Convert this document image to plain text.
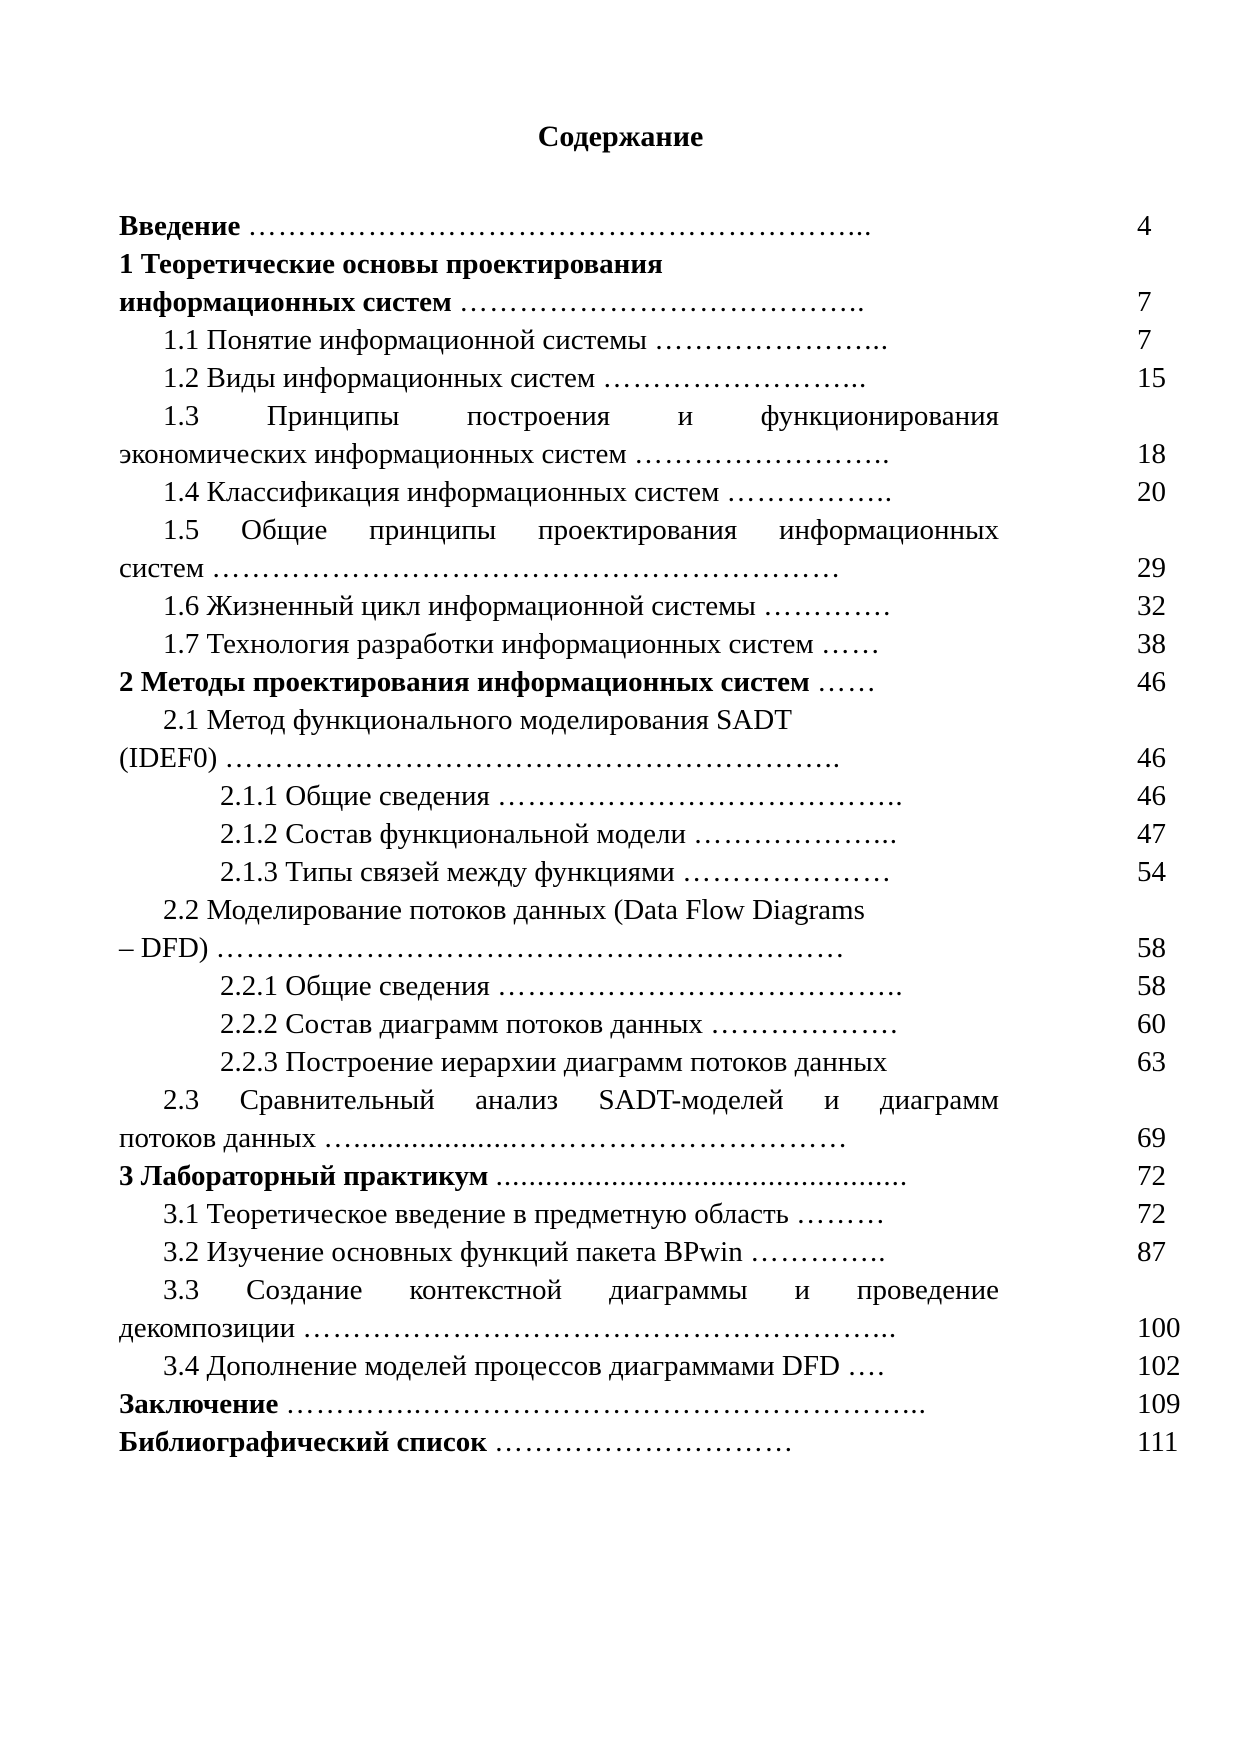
Содержание
Введение ……………………………………………………...	4
1 Теоретические основы проектирования
информационных систем …………………………………..	7
1.1 Понятие информационной системы …………………...	7
1.2 Виды информационных систем ……………………...	15
1.3 Принципы построения и функционирования
экономических информационных систем ……………………..	18
1.4 Классификация информационных систем ……………..	20
1.5 Общие принципы проектирования информационных
систем ………………………………………………………	29
1.6 Жизненный цикл информационной системы ………….	32
1.7 Технология разработки информационных систем ……	38
2 Методы проектирования информационных систем ……	46
2.1 Метод функционального моделирования SADT
(IDEF0) ……………………………………………………..	46
2.1.1 Общие сведения …………………………………..	46
2.1.2 Состав функциональной модели ………………...	47
2.1.3 Типы связей между функциями …………………	54
2.2 Моделирование потоков данных (Data Flow Diagrams
– DFD) ………………………………………………………	58
2.2.1 Общие сведения …………………………………..	58
2.2.2 Состав диаграмм потоков данных ……………….	60
2.2.3 Построение иерархии диаграмм потоков данных	63
2.3 Сравнительный анализ SADT-моделей и диаграмм
потоков данных …....................……………………………	69
3 Лабораторный практикум ..................................................	72
3.1 Теоретическое введение в предметную область ………	72
3.2 Изучение основных функций пакета BPwin …………..	87
3.3 Создание контекстной диаграммы и проведение
декомпозиции …………………………………………………...	100
3.4 Дополнение моделей процессов диаграммами DFD ….	102
Заключение …………..…………………………………………...	109
Библиографический список …………………………	111
